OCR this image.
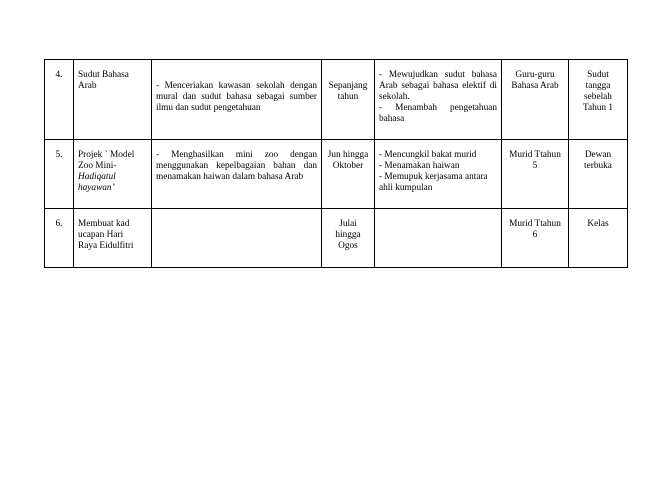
4.	Sudut Bahasa
Arab	- Menceriakan kawasan sekolah dengan mural dan sudut bahasa sebagai sumber ilmu dan sudut pengetahuan	Sepanjang
tahun	- Mewujudkan sudut bahasa Arab sebagai bahasa elektif di sekolah.
- Menambah pengetahuan bahasa	Guru-guru
Bahasa Arab	Sudut
tangga
sebelah
Tahun 1

5.	Projek ` Model
Zoo Mini-
Hadiqatul
hayawan’	- Menghasilkan mini zoo dengan menggunakan kepelbagaian bahan dan menamakan haiwan dalam bahasa Arab	Jun hingga
Oktober	- Mencungkil bakat murid
- Menamakan haiwan
- Memupuk kerjasama antara ahli kumpulan	Murid Ttahun
5	Dewan
terbuka

6.	Membuat kad
ucapan Hari
Raya Eidulfitri		Julai
hingga
Ogos		Murid Ttahun
6	Kelas
